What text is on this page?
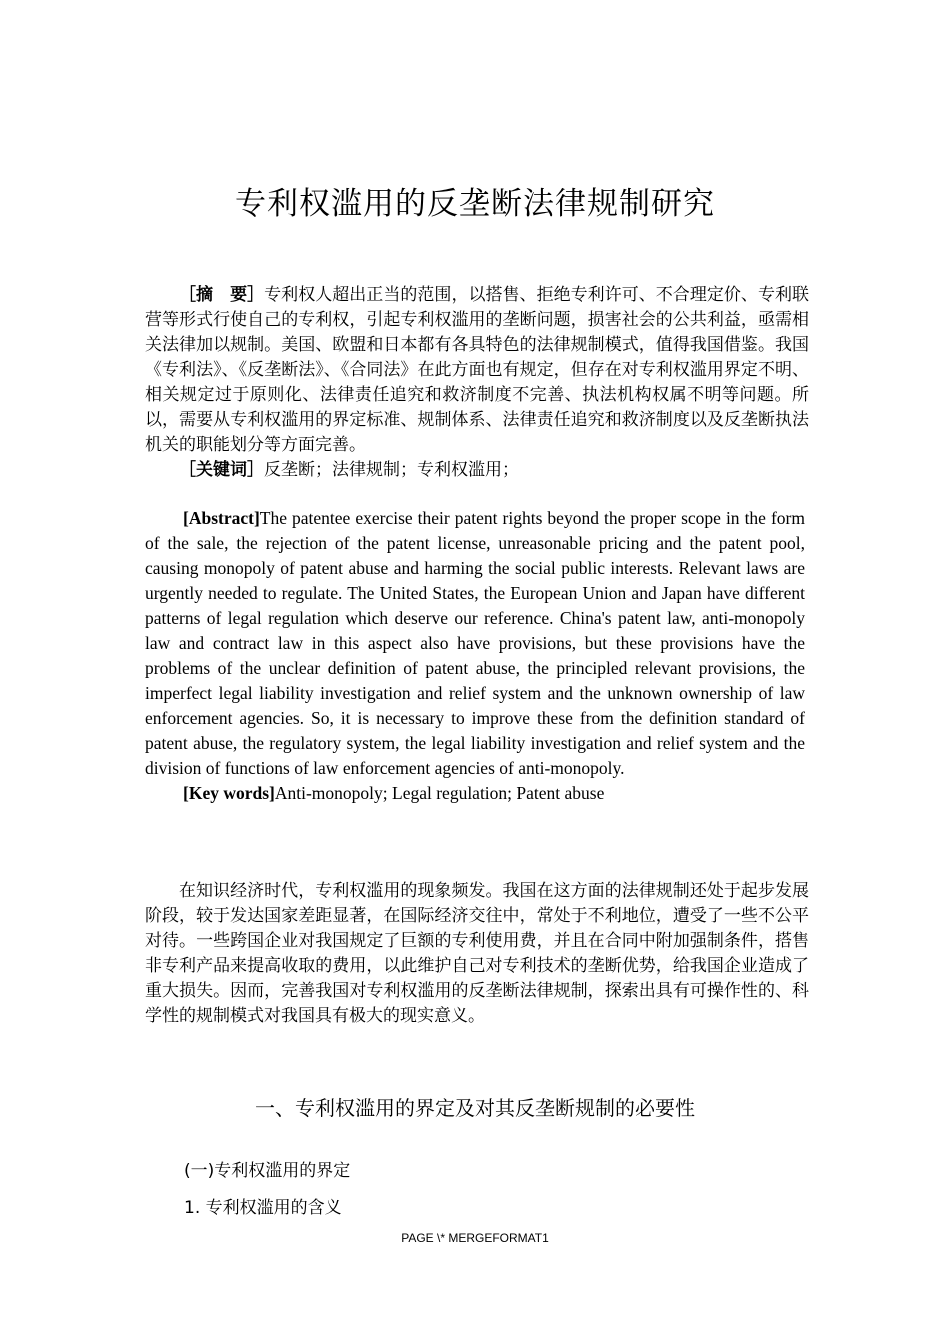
专利权滥用的反垄断法律规制研究

［摘　要］专利权人超出正当的范围，以搭售、拒绝专利许可、不合理定价、专利联营等形式行使自己的专利权，引起专利权滥用的垄断问题，损害社会的公共利益，亟需相关法律加以规制。美国、欧盟和日本都有各具特色的法律规制模式，值得我国借鉴。我国《专利法》、《反垄断法》、《合同法》在此方面也有规定，但存在对专利权滥用界定不明、相关规定过于原则化、法律责任追究和救济制度不完善、执法机构权属不明等问题。所以，需要从专利权滥用的界定标准、规制体系、法律责任追究和救济制度以及反垄断执法机关的职能划分等方面完善。

［关键词］反垄断；法律规制；专利权滥用；

[Abstract]The patentee exercise their patent rights beyond the proper scope in the form of the sale, the rejection of the patent license, unreasonable pricing and the patent pool, causing monopoly of patent abuse and harming the social public interests. Relevant laws are urgently needed to regulate. The United States, the European Union and Japan have different patterns of legal regulation which deserve our reference. China's patent law, anti-monopoly law and contract law in this aspect also have provisions, but these provisions have the problems of the unclear definition of patent abuse, the principled relevant provisions, the imperfect legal liability investigation and relief system and the unknown ownership of law enforcement agencies. So, it is necessary to improve these from the definition standard of patent abuse, the regulatory system, the legal liability investigation and relief system and the division of functions of law enforcement agencies of anti-monopoly.

[Key words]Anti-monopoly; Legal regulation; Patent abuse

在知识经济时代，专利权滥用的现象频发。我国在这方面的法律规制还处于起步发展阶段，较于发达国家差距显著，在国际经济交往中，常处于不利地位，遭受了一些不公平对待。一些跨国企业对我国规定了巨额的专利使用费，并且在合同中附加强制条件，搭售非专利产品来提高收取的费用，以此维护自己对专利技术的垄断优势，给我国企业造成了重大损失。因而，完善我国对专利权滥用的反垄断法律规制，探索出具有可操作性的、科学性的规制模式对我国具有极大的现实意义。

一、专利权滥用的界定及对其反垄断规制的必要性
(一)专利权滥用的界定
1. 专利权滥用的含义
PAGE \* MERGEFORMAT1
